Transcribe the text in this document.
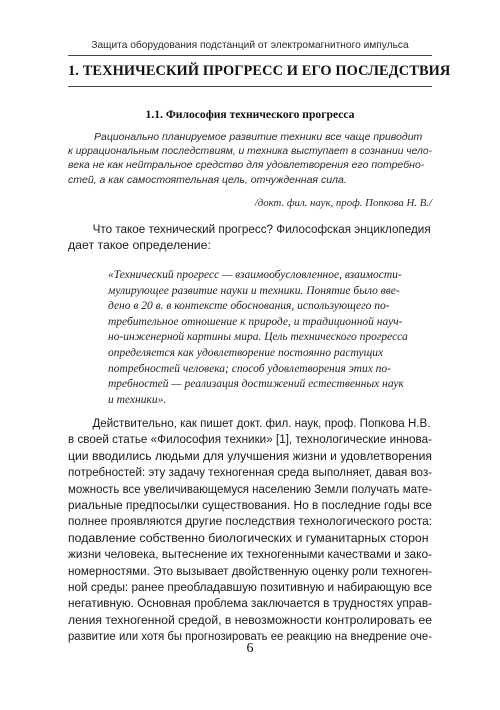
Защита оборудования подстанций от электромагнитного импульса
1. ТЕХНИЧЕСКИЙ ПРОГРЕСС И ЕГО ПОСЛЕДСТВИЯ
1.1. Философия технического прогресса
Рационально планируемое развитие техники все чаще приводит
к иррациональным последствиям, и техника выступает в сознании чело-
века не как нейтральное средство для удовлетворения его потребно-
стей, а как самостоятельная цель, отчужденная сила.
/докт. фил. наук, проф. Попкова Н. В./
Что такое технический прогресс? Философская энциклопедия
дает такое определение:
«Технический прогресс — взаимообусловленное, взаимости-
мулирующее развитие науки и техники. Понятие было вве-
дено в 20 в. в контексте обоснования, использующего по-
требительное отношение к природе, и традиционной науч-
но-инженерной картины мира. Цель технического прогресса
определяется как удовлетворение постоянно растущих
потребностей человека; способ удовлетворения этих по-
требностей — реализация достижений естественных наук
и техники».
Действительно, как пишет докт. фил. наук, проф. Попкова Н.В.
в своей статье «Философия техники» [1], технологические иннова-
ции вводились людьми для улучшения жизни и удовлетворения
потребностей: эту задачу техногенная среда выполняет, давая воз-
можность все увеличивающемуся населению Земли получать мате-
риальные предпосылки существования. Но в последние годы все
полнее проявляются другие последствия технологического роста:
подавление собственно биологических и гуманитарных сторон
жизни человека, вытеснение их техногенными качествами и зако-
номерностями. Это вызывает двойственную оценку роли техноген-
ной среды: ранее преобладавшую позитивную и набирающую все
негативную. Основная проблема заключается в трудностях управ-
ления техногенной средой, в невозможности контролировать ее
развитие или хотя бы прогнозировать ее реакцию на внедрение оче-
6
